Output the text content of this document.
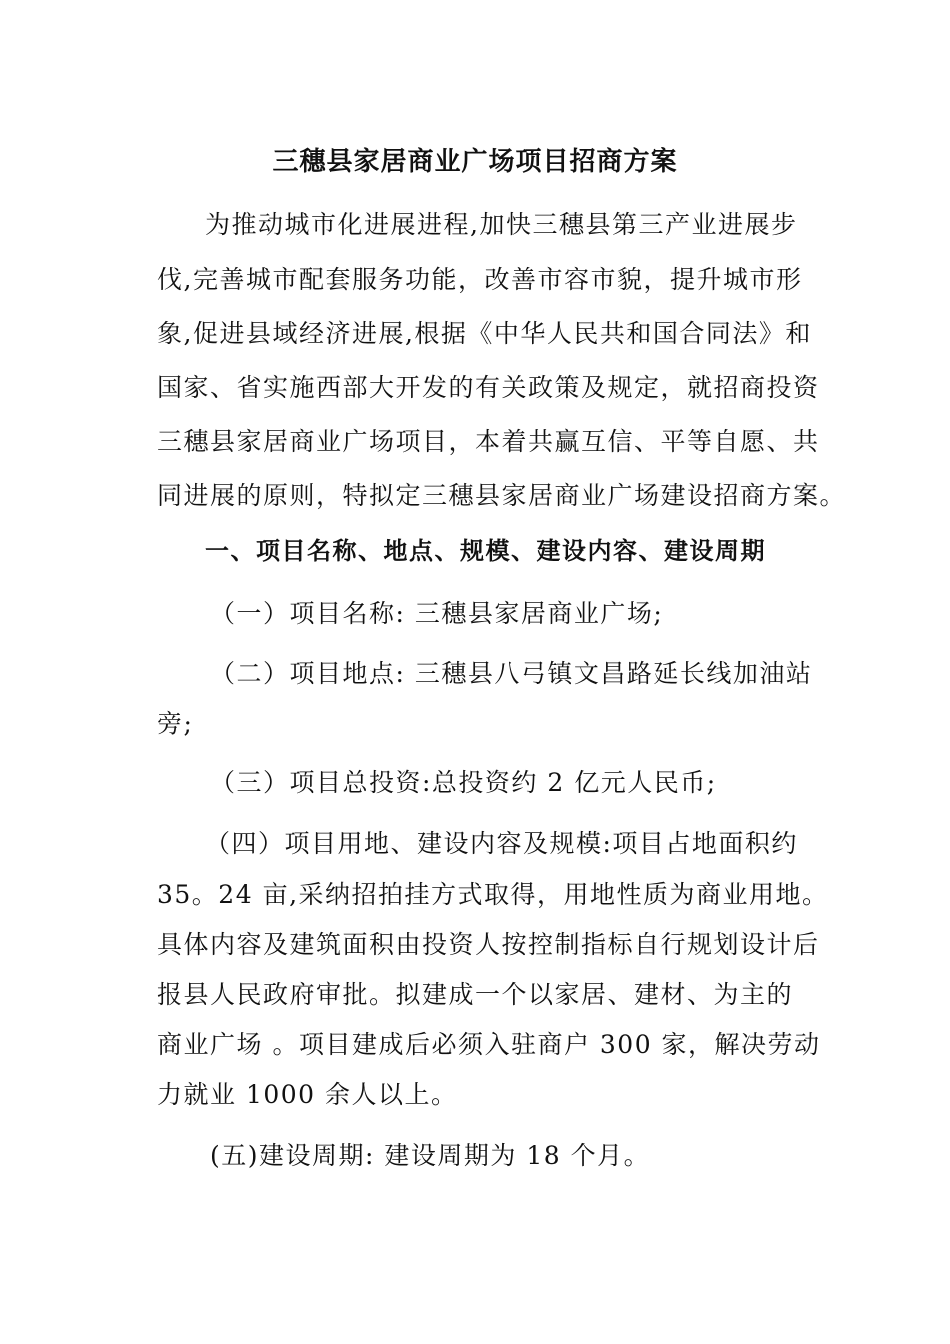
三穗县家居商业广场项目招商方案
为推动城市化进展进程,加快三穗县第三产业进展步
伐,完善城市配套服务功能，改善市容市貌，提升城市形
象,促进县域经济进展,根据《中华人民共和国合同法》和
国家、省实施西部大开发的有关政策及规定，就招商投资
三穗县家居商业广场项目，本着共赢互信、平等自愿、共
同进展的原则，特拟定三穗县家居商业广场建设招商方案。
一、项目名称、地点、规模、建设内容、建设周期
（一）项目名称: 三穗县家居商业广场;
（二）项目地点: 三穗县八弓镇文昌路延长线加油站
旁;
（三）项目总投资:总投资约 2 亿元人民币;
（四）项目用地、建设内容及规模:项目占地面积约
35。24 亩,采纳招拍挂方式取得，用地性质为商业用地。
具体内容及建筑面积由投资人按控制指标自行规划设计后
报县人民政府审批。拟建成一个以家居、建材、为主的
商业广场 。项目建成后必须入驻商户 300 家，解决劳动
力就业 1000 余人以上。
(五)建设周期: 建设周期为 18 个月。
